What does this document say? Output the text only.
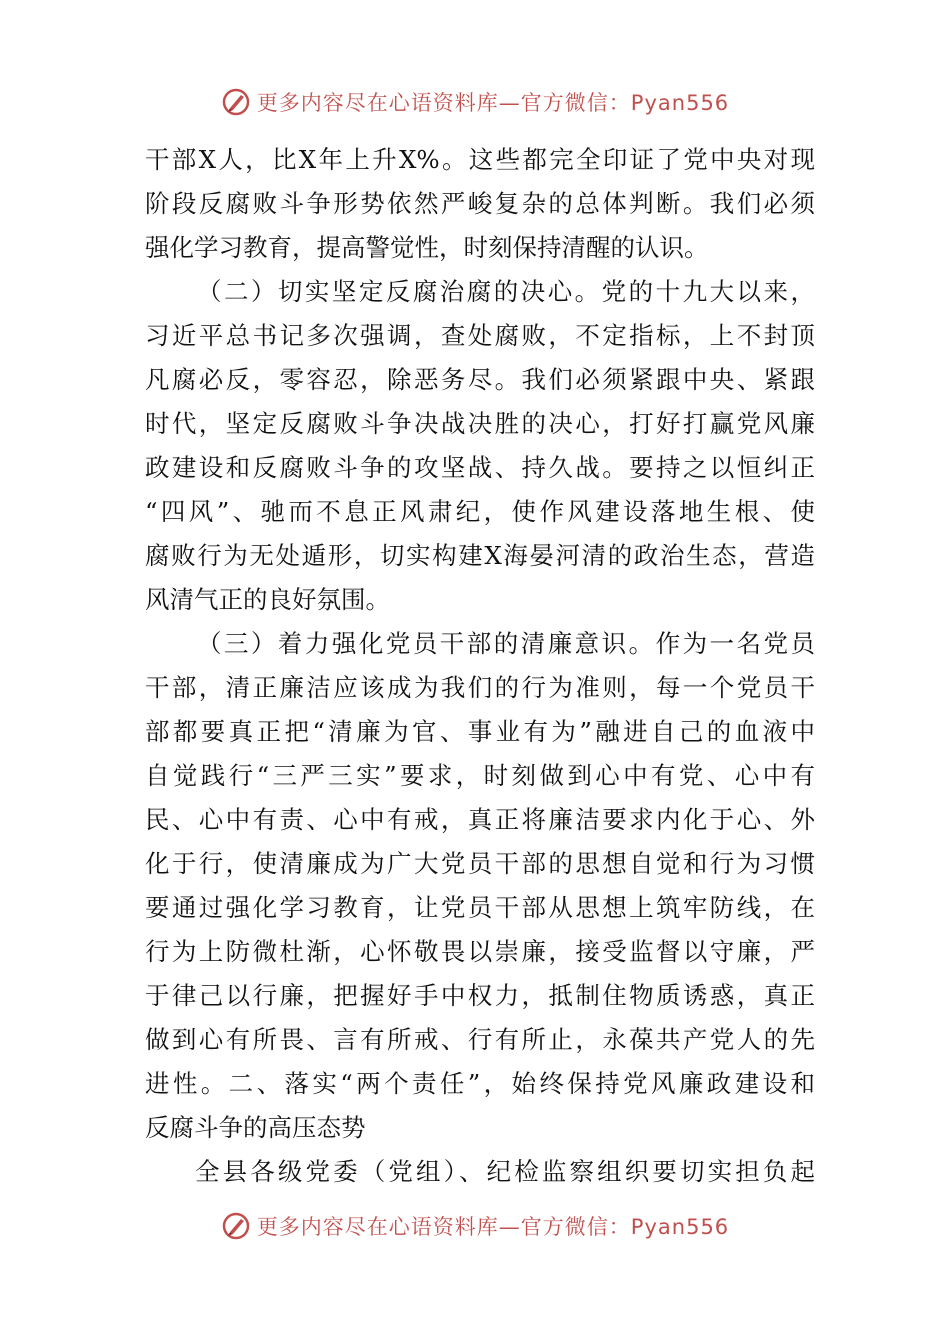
更多内容尽在心语资料库—官方微信：Pyan556
干部X人，比X年上升X%。这些都完全印证了党中央对现
阶段反腐败斗争形势依然严峻复杂的总体判断。我们必须
强化学习教育，提高警觉性，时刻保持清醒的认识。
（二）切实坚定反腐治腐的决心。党的十九大以来，
习近平总书记多次强调，查处腐败，不定指标，上不封顶
凡腐必反，零容忍，除恶务尽。我们必须紧跟中央、紧跟
时代，坚定反腐败斗争决战决胜的决心，打好打赢党风廉
政建设和反腐败斗争的攻坚战、持久战。要持之以恒纠正
“四风”、驰而不息正风肃纪，使作风建设落地生根、使
腐败行为无处遁形，切实构建X海晏河清的政治生态，营造
风清气正的良好氛围。
（三）着力强化党员干部的清廉意识。作为一名党员
干部，清正廉洁应该成为我们的行为准则，每一个党员干
部都要真正把“清廉为官、事业有为”融进自己的血液中
自觉践行“三严三实”要求，时刻做到心中有党、心中有
民、心中有责、心中有戒，真正将廉洁要求内化于心、外
化于行，使清廉成为广大党员干部的思想自觉和行为习惯
要通过强化学习教育，让党员干部从思想上筑牢防线，在
行为上防微杜渐，心怀敬畏以崇廉，接受监督以守廉，严
于律己以行廉，把握好手中权力，抵制住物质诱惑，真正
做到心有所畏、言有所戒、行有所止，永葆共产党人的先
进性。二、落实“两个责任”，始终保持党风廉政建设和
反腐斗争的高压态势
全县各级党委（党组）、纪检监察组织要切实担负起
更多内容尽在心语资料库—官方微信：Pyan556
